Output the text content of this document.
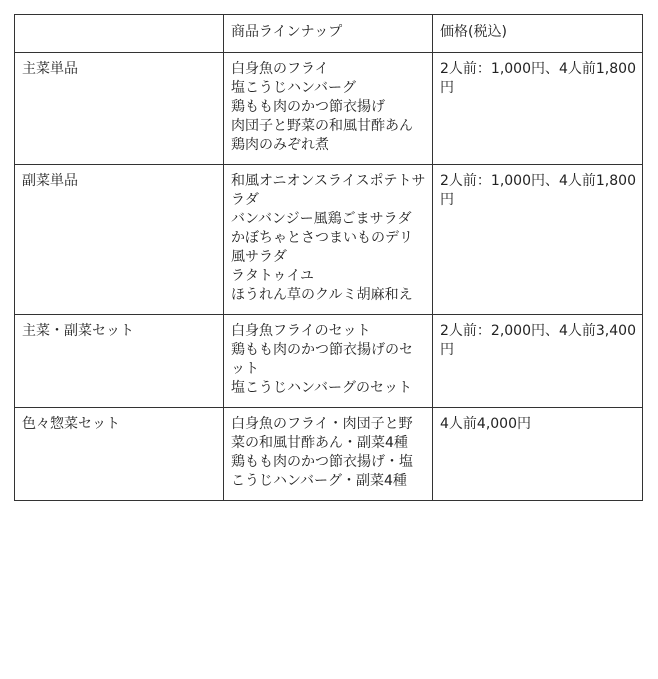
	商品ラインナップ	価格(税込)
主菜単品	白身魚のフライ
塩こうじハンバーグ
鶏もも肉のかつ節衣揚げ
肉団子と野菜の和風甘酢あん
鶏肉のみぞれ煮	2人前：1,000円、4人前1,800円
副菜単品	和風オニオンスライスポテトサラダ
バンバンジー風鶏ごまサラダ
かぼちゃとさつまいものデリ風サラダ
ラタトゥイユ
ほうれん草のクルミ胡麻和え	2人前：1,000円、4人前1,800円
主菜・副菜セット	白身魚フライのセット
鶏もも肉のかつ節衣揚げのセット
塩こうじハンバーグのセット	2人前：2,000円、4人前3,400円
色々惣菜セット	白身魚のフライ・肉団子と野菜の和風甘酢あん・副菜4種
鶏もも肉のかつ節衣揚げ・塩こうじハンバーグ・副菜4種	4人前4,000円
